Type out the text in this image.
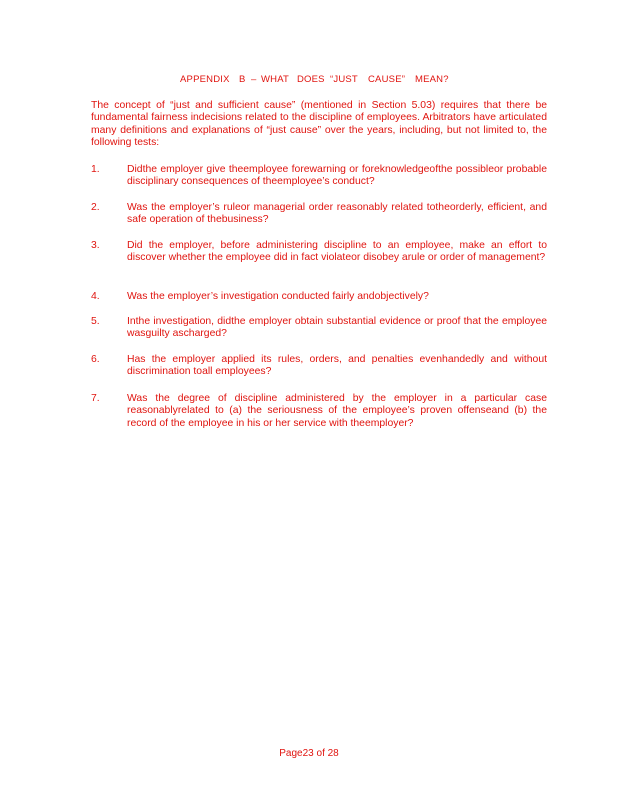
APPENDIX B – WHAT DOES “JUST CAUSE” MEAN?

The concept of “just and sufficient cause” (mentioned in Section 5.03) requires that there be fundamental fairness indecisions related to the discipline of employees. Arbitrators have articulated many definitions and explanations of “just cause” over the years, including, but not limited to, the following tests:

1.	Didthe employer give theemployee forewarning or foreknowledgeofthe possibleor probable disciplinary consequences of theemployee’s conduct?
2.	Was the employer’s ruleor managerial order reasonably related totheorderly, efficient, and safe operation of thebusiness?
3.	Did the employer, before administering discipline to an employee, make an effort to discover whether the employee did in fact violateor disobey arule or order of management?
4.	Was the employer’s investigation conducted fairly andobjectively?
5.	Inthe investigation, didthe employer obtain substantial evidence or proof that the employee wasguilty ascharged?
6.	Has the employer applied its rules, orders, and penalties evenhandedly and without discrimination toall employees?
7.	Was the degree of discipline administered by the employer in a particular case reasonablyrelated to (a) the seriousness of the employee’s proven offenseand (b) the record of the employee in his or her service with theemployer?
Page23 of 28
